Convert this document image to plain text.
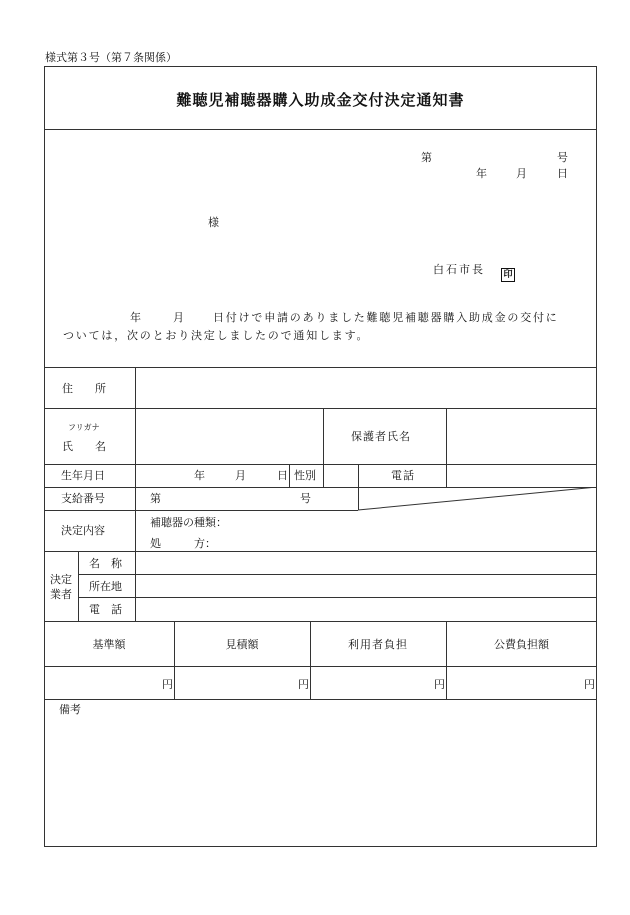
様式第３号（第７条関係）
難聴児補聴器購入助成金交付決定通知書
第	号
年	月	日
様
白石市長 印
年	月	日付けで申請のありました難聴児補聴器購入助成金の交付に
ついては，次のとおり決定しましたので通知します。
住　　所
フリガナ
氏　　名
保護者氏名
生年月日	年	月	日 性別	電話
支給番号	第	号
決定内容
補聴器の種類：
処　　　方：
決定
業者
名　称
所在地
電　話
基準額	見積額	利用者負担	公費負担額
円	円	円	円
備考
